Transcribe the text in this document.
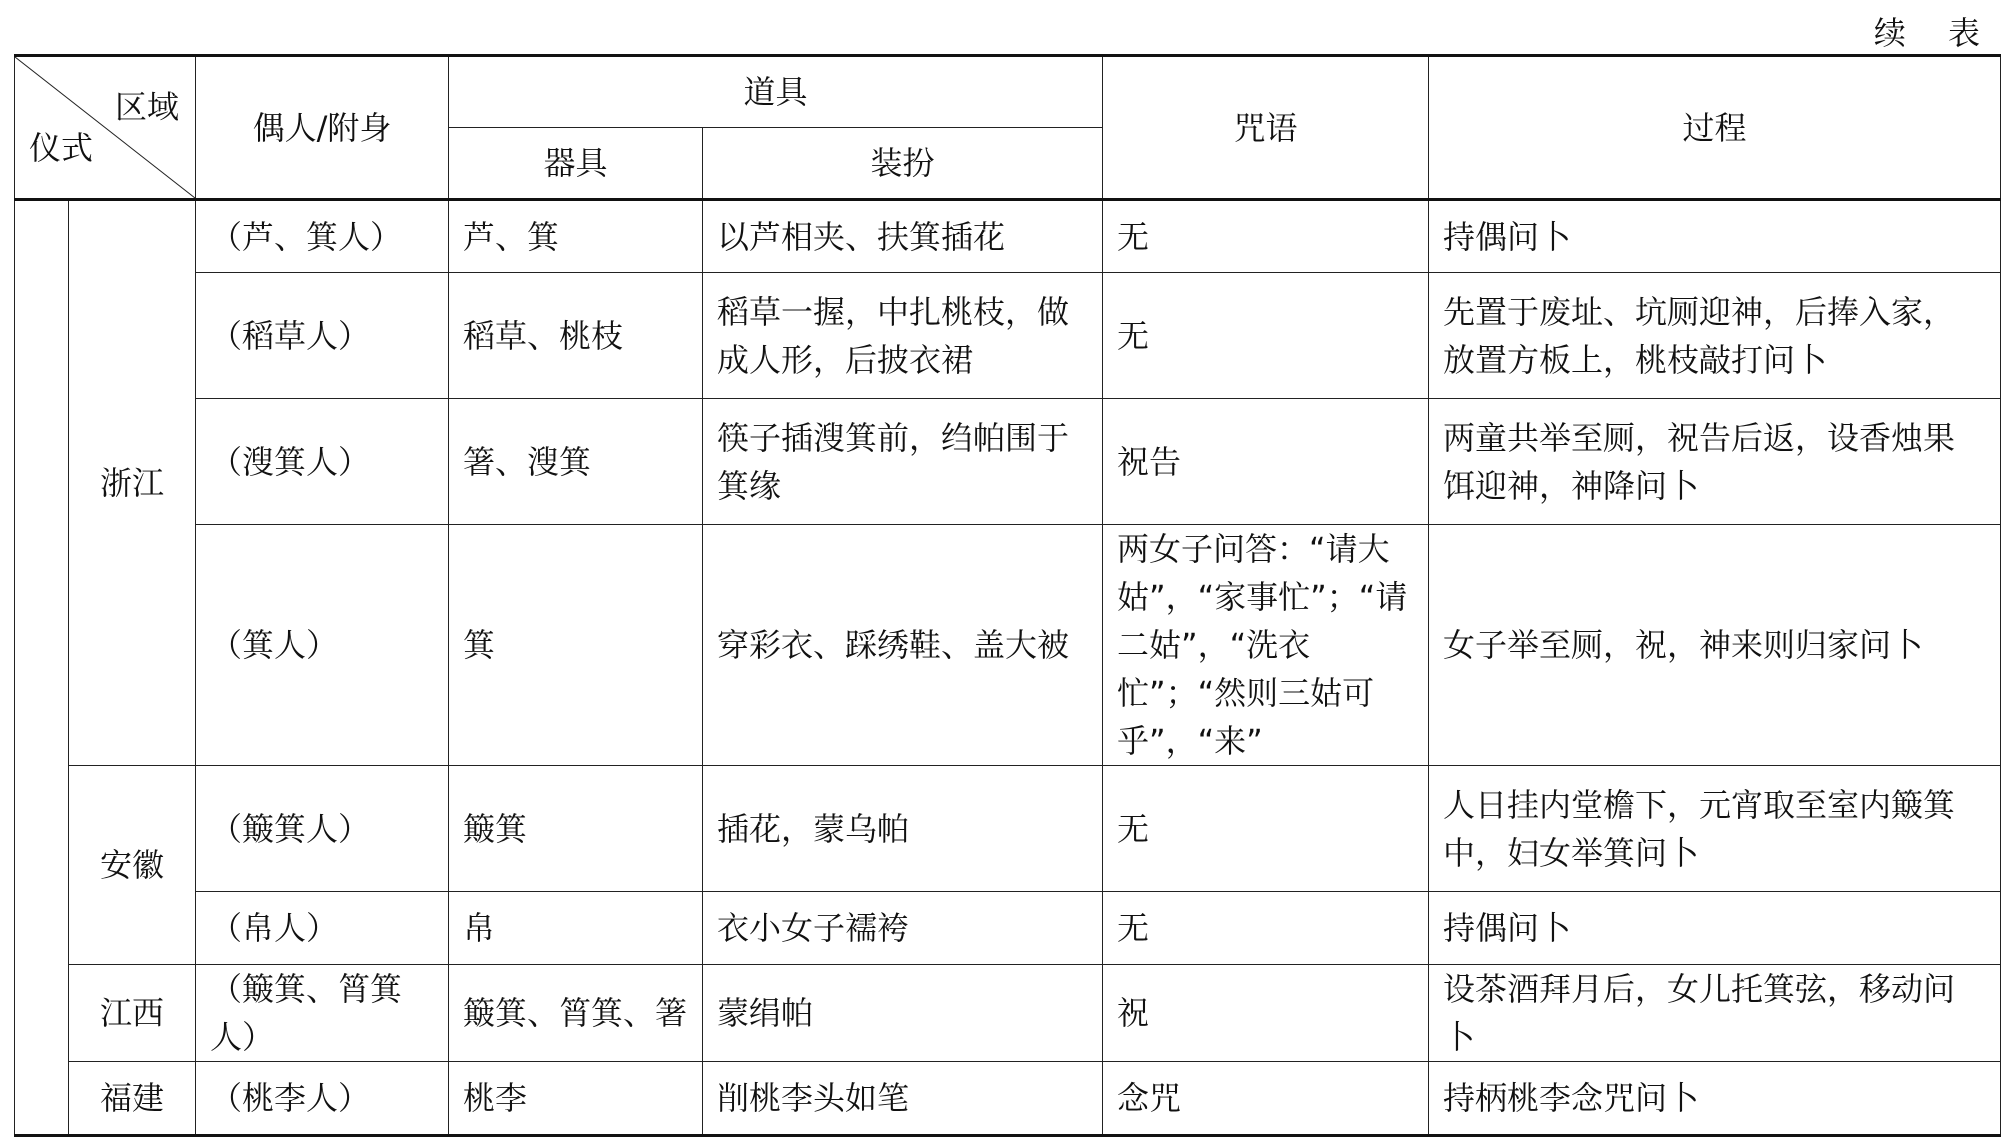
续 表
区域
仪式		偶人/附身	道具		咒语	过程
			器具	装扮		
	浙江	（芦、箕人）	芦、箕	以芦相夹、扶箕插花	无	持偶问卜
		（稻草人）	稻草、桃枝	稻草一握，中扎桃枝，做成人形，后披衣裙	无	先置于废址、坑厕迎神，后捧入家，放置方板上，桃枝敲打问卜
		（溲箕人）	箸、溲箕	筷子插溲箕前，绉帕围于箕缘	祝告	两童共举至厕，祝告后返，设香烛果饵迎神，神降问卜
		（箕人）	箕	穿彩衣、踩绣鞋、盖大被	两女子问答：“请大姑”，“家事忙”；“请二姑”，“洗衣忙”；“然则三姑可乎”，“来”	女子举至厕，祝，神来则归家问卜
	安徽	（簸箕人）	簸箕	插花，蒙乌帕	无	人日挂内堂檐下，元宵取至室内簸箕中，妇女举箕问卜
		（帛人）	帛	衣小女子襦袴	无	持偶问卜
	江西	（簸箕、筲箕人）	簸箕、筲箕、箸	蒙绢帕	祝	设茶酒拜月后，女儿托箕弦，移动问卜
	福建	（桃李人）	桃李	削桃李头如笔	念咒	持柄桃李念咒问卜
